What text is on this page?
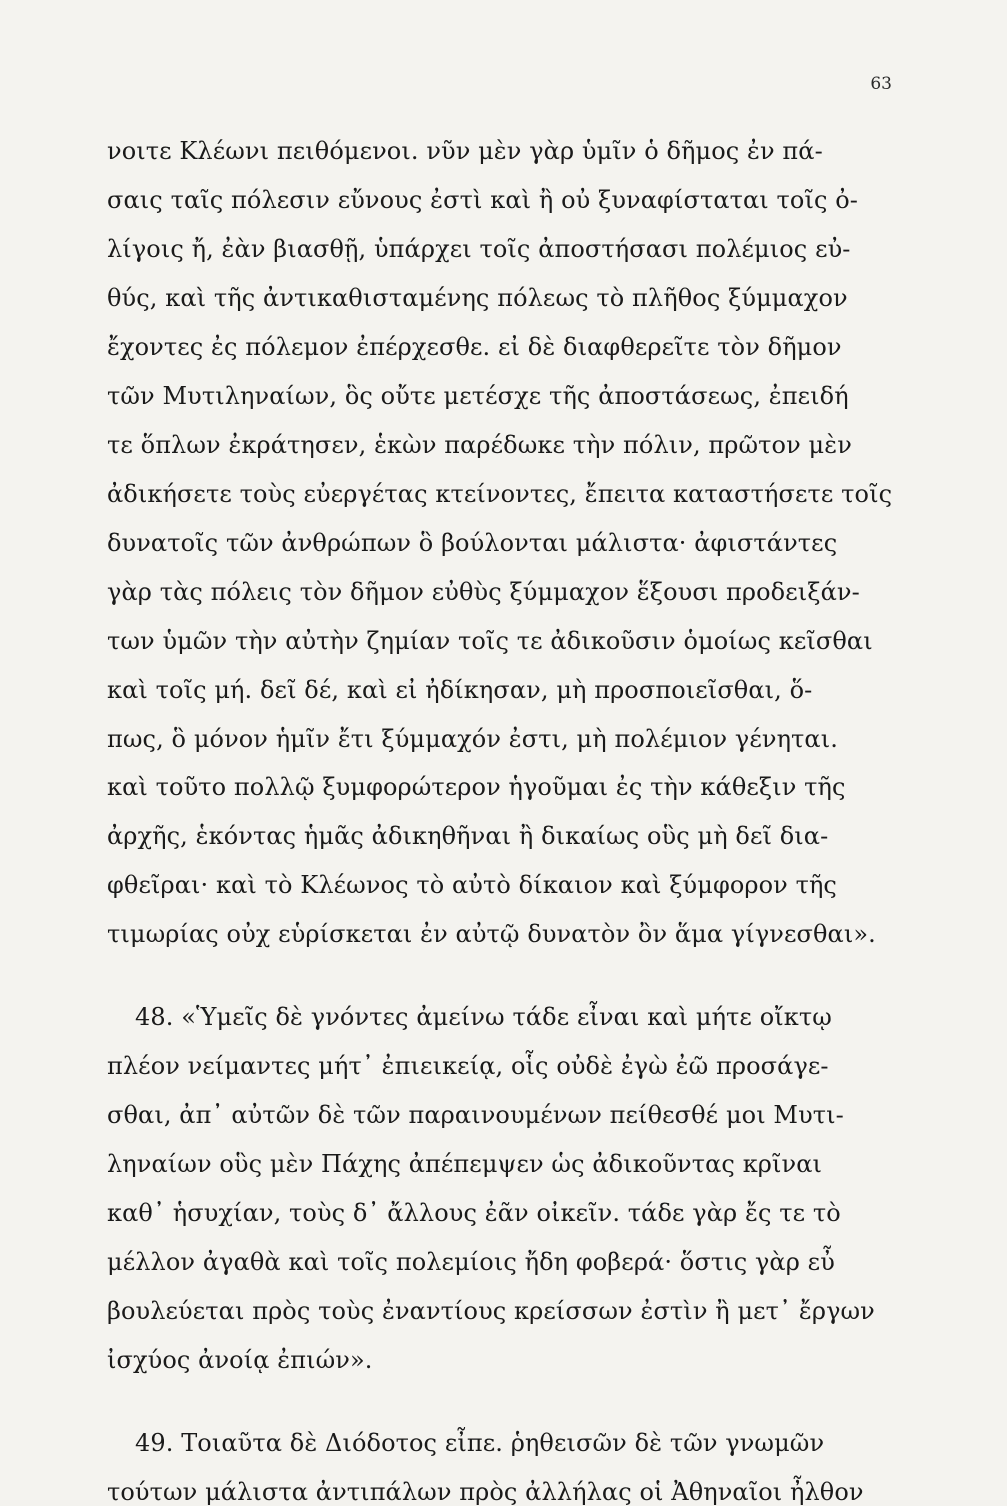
63
νοιτε Κλέωνι πειθόμενοι. νῦν μὲν γὰρ ὑμῖν ὁ δῆμος ἐν πά-
σαις ταῖς πόλεσιν εὔνους ἐστὶ καὶ ἢ οὐ ξυναφίσταται τοῖς ὀ-
λίγοις ἤ, ἐὰν βιασθῇ, ὑπάρχει τοῖς ἀποστήσασι πολέμιος εὐ-
θύς, καὶ τῆς ἀντικαθισταμένης πόλεως τὸ πλῆθος ξύμμαχον
ἔχοντες ἐς πόλεμον ἐπέρχεσθε. εἰ δὲ διαφθερεῖτε τὸν δῆμον
τῶν Μυτιληναίων, ὃς οὔτε μετέσχε τῆς ἀποστάσεως, ἐπειδή
τε ὅπλων ἐκράτησεν, ἑκὼν παρέδωκε τὴν πόλιν, πρῶτον μὲν
ἀδικήσετε τοὺς εὐεργέτας κτείνοντες, ἔπειτα καταστήσετε τοῖς
δυνατοῖς τῶν ἀνθρώπων ὃ βούλονται μάλιστα· ἀφιστάντες
γὰρ τὰς πόλεις τὸν δῆμον εὐθὺς ξύμμαχον ἕξουσι προδειξάν-
των ὑμῶν τὴν αὐτὴν ζημίαν τοῖς τε ἀδικοῦσιν ὁμοίως κεῖσθαι
καὶ τοῖς μή. δεῖ δέ, καὶ εἰ ἠδίκησαν, μὴ προσποιεῖσθαι, ὅ-
πως, ὃ μόνον ἡμῖν ἔτι ξύμμαχόν ἐστι, μὴ πολέμιον γένηται.
καὶ τοῦτο πολλῷ ξυμφορώτερον ἡγοῦμαι ἐς τὴν κάθεξιν τῆς
ἀρχῆς, ἑκόντας ἡμᾶς ἀδικηθῆναι ἢ δικαίως οὓς μὴ δεῖ δια-
φθεῖραι· καὶ τὸ Κλέωνος τὸ αὐτὸ δίκαιον καὶ ξύμφορον τῆς
τιμωρίας οὐχ εὑρίσκεται ἐν αὐτῷ δυνατὸν ὂν ἅμα γίγνεσθαι».
48. «Ὑμεῖς δὲ γνόντες ἀμείνω τάδε εἶναι καὶ μήτε οἴκτῳ
πλέον νείμαντες μήτ᾿ ἐπιεικείᾳ, οἷς οὐδὲ ἐγὼ ἐῶ προσάγε-
σθαι, ἀπ᾿ αὐτῶν δὲ τῶν παραινουμένων πείθεσθέ μοι Μυτι-
ληναίων οὓς μὲν Πάχης ἀπέπεμψεν ὡς ἀδικοῦντας κρῖναι
καθ᾿ ἡσυχίαν, τοὺς δ᾿ ἄλλους ἐᾶν οἰκεῖν. τάδε γὰρ ἔς τε τὸ
μέλλον ἀγαθὰ καὶ τοῖς πολεμίοις ἤδη φοβερά· ὅστις γὰρ εὖ
βουλεύεται πρὸς τοὺς ἐναντίους κρείσσων ἐστὶν ἢ μετ᾿ ἔργων
ἰσχύος ἀνοίᾳ ἐπιών».
49. Τοιαῦτα δὲ Διόδοτος εἶπε. ῥηθεισῶν δὲ τῶν γνωμῶν
τούτων μάλιστα ἀντιπάλων πρὸς ἀλλήλας οἱ Ἀθηναῖοι ἦλθον
